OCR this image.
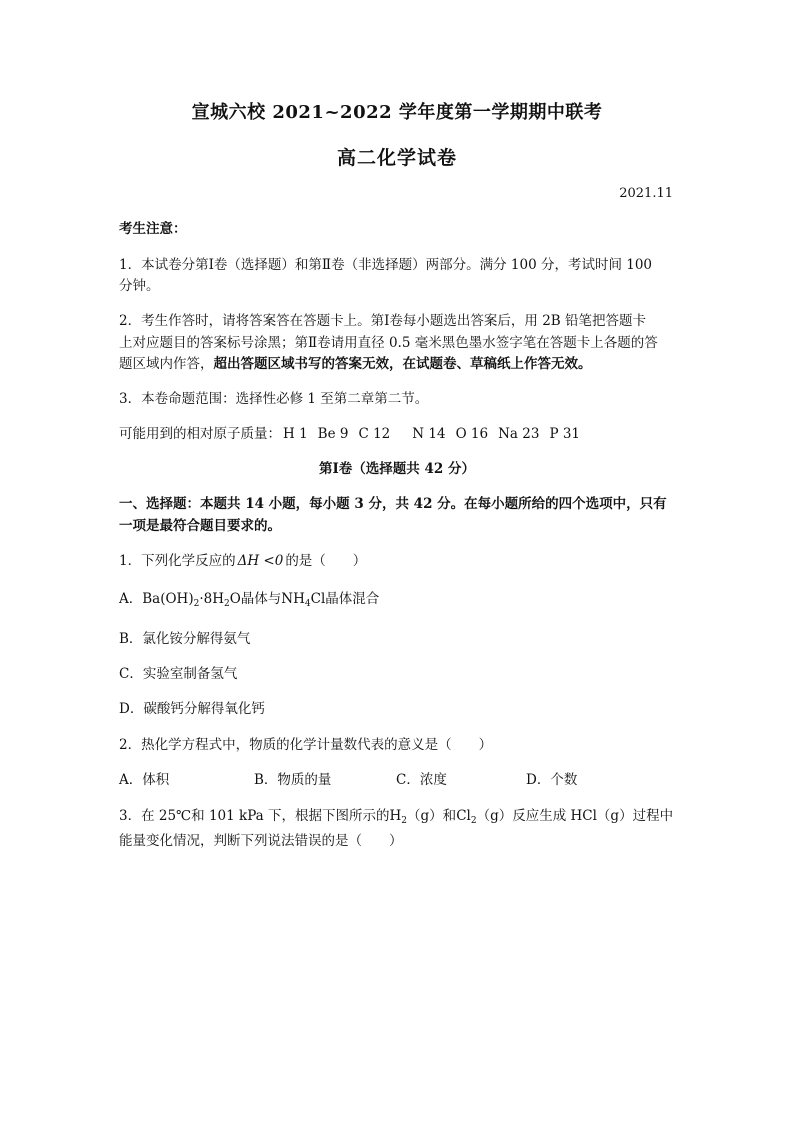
宣城六校 2021~2022 学年度第一学期期中联考
高二化学试卷
2021.11
考生注意：
1．本试卷分第Ⅰ卷（选择题）和第Ⅱ卷（非选择题）两部分。满分 100 分，考试时间 100
分钟。
2．考生作答时，请将答案答在答题卡上。第Ⅰ卷每小题选出答案后，用 2B 铅笔把答题卡
上对应题目的答案标号涂黑；第Ⅱ卷请用直径 0.5 毫米黑色墨水签字笔在答题卡上各题的答
题区域内作答，超出答题区域书写的答案无效，在试题卷、草稿纸上作答无效。
3．本卷命题范围：选择性必修 1 至第二章第二节。
可能用到的相对原子质量： H 1 Be 9 C 12 N 14 O 16 Na 23 P 31
第Ⅰ卷（选择题共 42 分）
一、选择题：本题共 14 小题，每小题 3 分，共 42 分。在每小题所给的四个选项中，只有
一项是最符合题目要求的。
1．下列化学反应的 ΔH <0 的是（　　）
A．$Ba(OH)_2\cdot 8H_2O$晶体与$NH_4Cl$晶体混合
B．氯化铵分解得氨气
C．实验室制备氢气
D．碳酸钙分解得氧化钙
2．热化学方程式中，物质的化学计量数代表的意义是（　　）
A．体积	B．物质的量	C．浓度	D．个数
3．在 25℃和 101 kPa 下，根据下图所示的$H_2(g)$和$Cl_2(g)$反应生成 HCl（g）过程中
能量变化情况，判断下列说法错误的是（　　）
